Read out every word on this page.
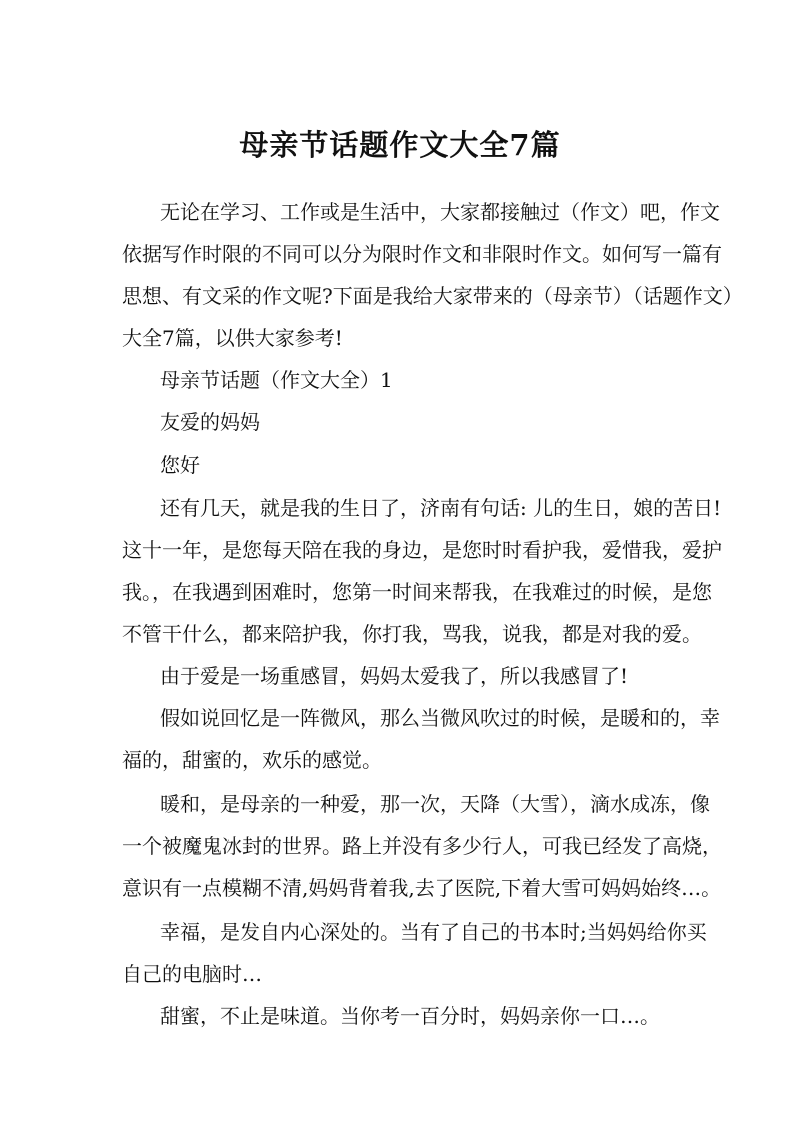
母亲节话题作文大全7篇
无论在学习、工作或是生活中，大家都接触过（作文）吧，作文
依据写作时限的不同可以分为限时作文和非限时作文。如何写一篇有
思想、有文采的作文呢?下面是我给大家带来的（母亲节）（话题作文）
大全7篇，以供大家参考!
母亲节话题（作文大全）1
友爱的妈妈
您好
还有几天，就是我的生日了，济南有句话: 儿的生日，娘的苦日!
这十一年，是您每天陪在我的身边，是您时时看护我，爱惜我，爱护
我。，在我遇到困难时，您第一时间来帮我，在我难过的时候，是您
不管干什么，都来陪护我，你打我，骂我，说我，都是对我的爱。
由于爱是一场重感冒，妈妈太爱我了，所以我感冒了!
假如说回忆是一阵微风，那么当微风吹过的时候，是暖和的，幸
福的，甜蜜的，欢乐的感觉。
暖和，是母亲的一种爱，那一次，天降（大雪），滴水成冻，像
一个被魔鬼冰封的世界。路上并没有多少行人，可我已经发了高烧，
意识有一点模糊不清,妈妈背着我,去了医院,下着大雪可妈妈始终…。
幸福，是发自内心深处的。当有了自己的书本时;当妈妈给你买
自己的电脑时…
甜蜜，不止是味道。当你考一百分时，妈妈亲你一口…。
